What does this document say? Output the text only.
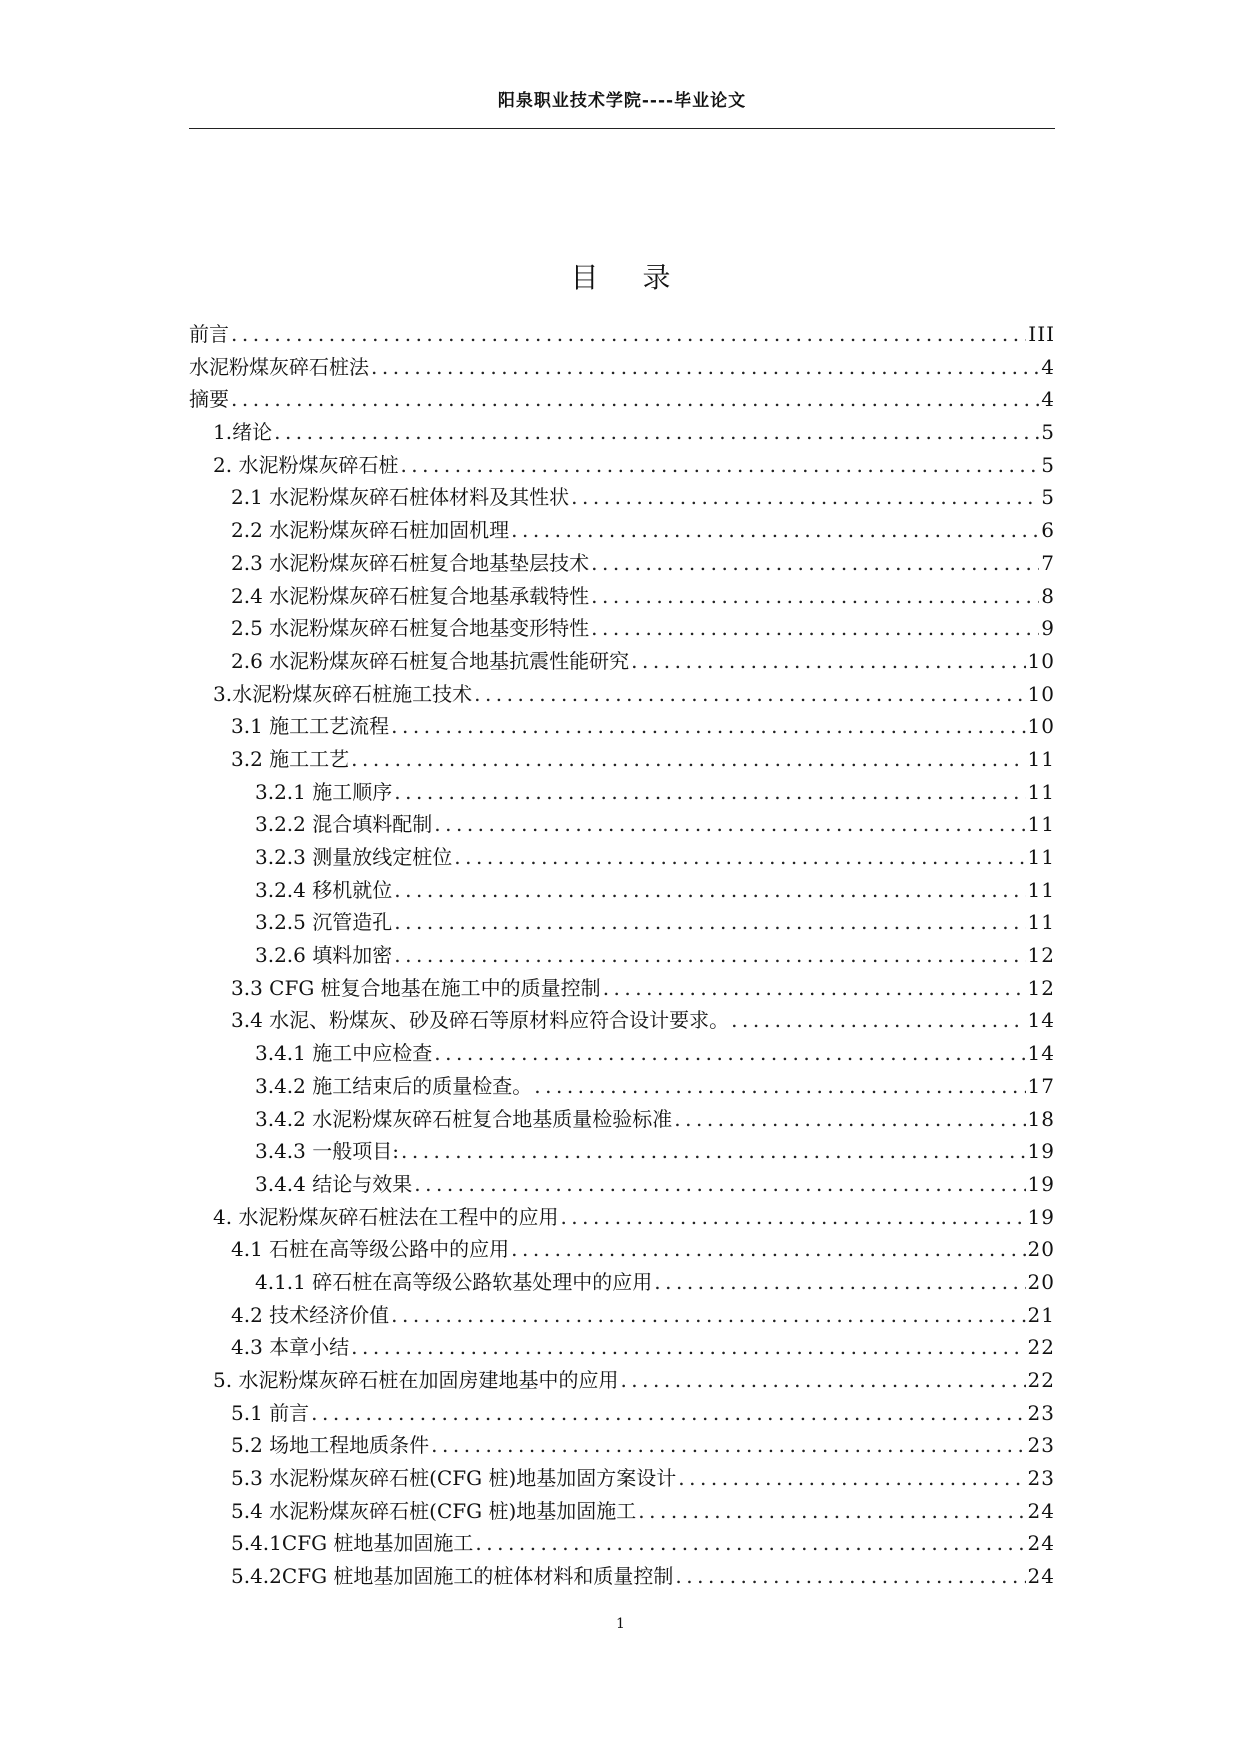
阳泉职业技术学院----毕业论文
目录
前言 .....	III
水泥粉煤灰碎石桩法 .....	4
摘要 .....	4
1.绪论 .....	5
2. 水泥粉煤灰碎石桩 .....	5
2.1 水泥粉煤灰碎石桩体材料及其性状 .....	5
2.2 水泥粉煤灰碎石桩加固机理 .....	6
2.3 水泥粉煤灰碎石桩复合地基垫层技术 .....	7
2.4 水泥粉煤灰碎石桩复合地基承载特性 .....	8
2.5 水泥粉煤灰碎石桩复合地基变形特性 .....	9
2.6 水泥粉煤灰碎石桩复合地基抗震性能研究 .....	10
3.水泥粉煤灰碎石桩施工技术 .....	10
3.1 施工工艺流程 .....	10
3.2 施工工艺 .....	11
3.2.1 施工顺序 .....	11
3.2.2 混合填料配制 .....	11
3.2.3 测量放线定桩位 .....	11
3.2.4 移机就位 .....	11
3.2.5 沉管造孔 .....	11
3.2.6 填料加密 .....	12
3.3 CFG 桩复合地基在施工中的质量控制 .....	12
3.4 水泥、粉煤灰、砂及碎石等原材料应符合设计要求。 .....	14
3.4.1 施工中应检查 .....	14
3.4.2 施工结束后的质量检查。 .....	17
3.4.2 水泥粉煤灰碎石桩复合地基质量检验标准 .....	18
3.4.3 一般项目: .....	19
3.4.4 结论与效果 .....	19
4. 水泥粉煤灰碎石桩法在工程中的应用 .....	19
4.1 石桩在高等级公路中的应用 .....	20
4.1.1 碎石桩在高等级公路软基处理中的应用 .....	20
4.2 技术经济价值 .....	21
4.3 本章小结 .....	22
5. 水泥粉煤灰碎石桩在加固房建地基中的应用 .....	22
5.1 前言 .....	23
5.2 场地工程地质条件 .....	23
5.3 水泥粉煤灰碎石桩(CFG 桩)地基加固方案设计 .....	23
5.4 水泥粉煤灰碎石桩(CFG 桩)地基加固施工 .....	24
5.4.1CFG 桩地基加固施工 .....	24
5.4.2CFG 桩地基加固施工的桩体材料和质量控制 .....	24
1
